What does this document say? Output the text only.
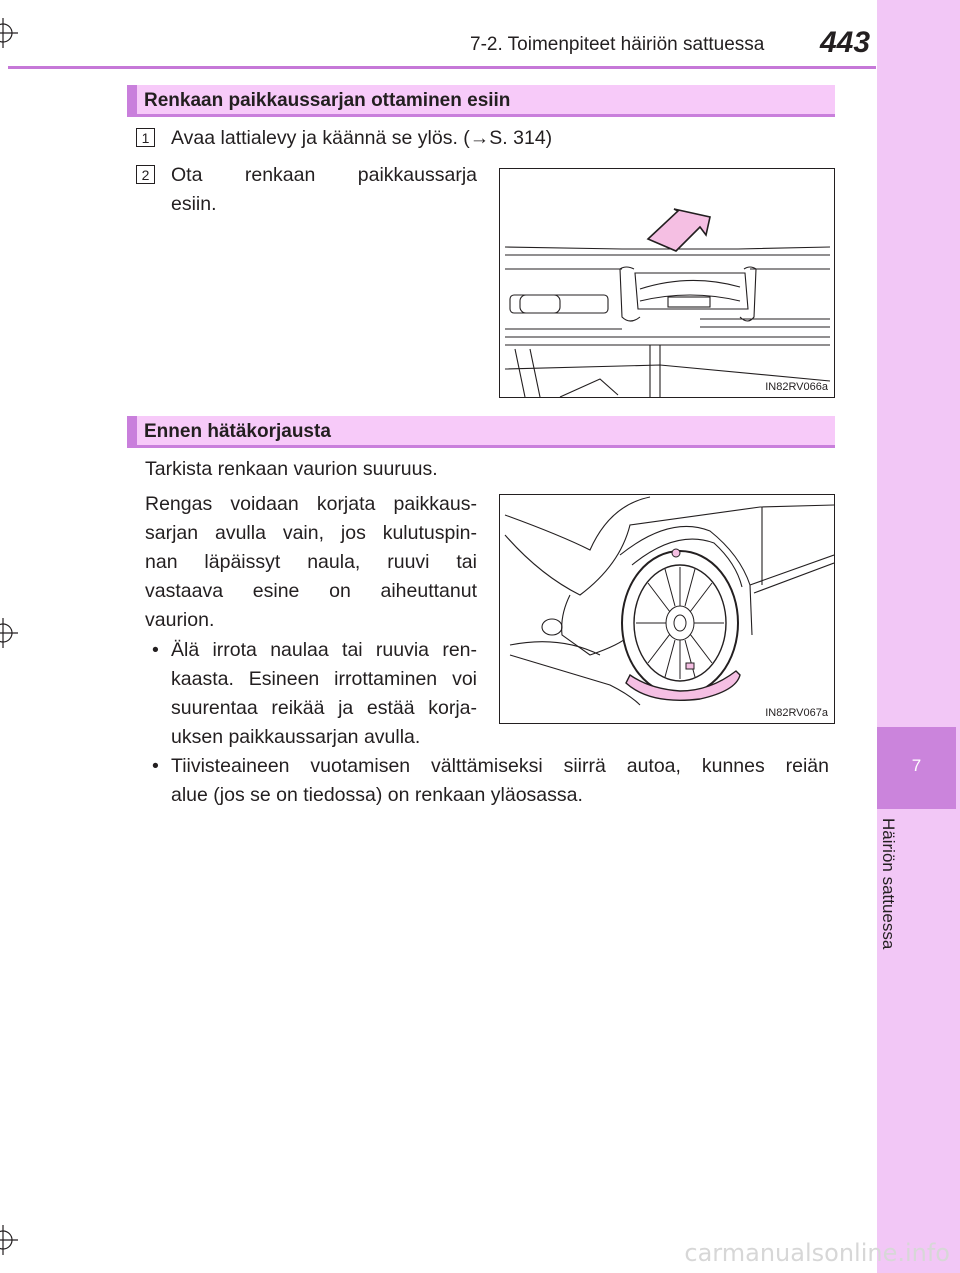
7
Häiriön sattuessa
7-2. Toimenpiteet häiriön sattuessa 443
Renkaan paikkaussarjan ottaminen esiin
1 Avaa lattialevy ja käännä se ylös. (→S. 314)
2 Ota renkaan paikkaussarja
esiin.
IN82RV066a
Ennen hätäkorjausta
Tarkista renkaan vaurion suuruus.
Rengas voidaan korjata paikkaus-
sarjan avulla vain, jos kulutuspin-
nan läpäissyt naula, ruuvi tai
vastaava esine on aiheuttanut
vaurion.
• Älä irrota naulaa tai ruuvia ren-
kaasta. Esineen irrottaminen voi
suurentaa reikää ja estää korja-
uksen paikkaussarjan avulla.
• Tiivisteaineen vuotamisen välttämiseksi siirrä autoa, kunnes reiän
alue (jos se on tiedossa) on renkaan yläosassa.
IN82RV067a
carmanualsonline.info
